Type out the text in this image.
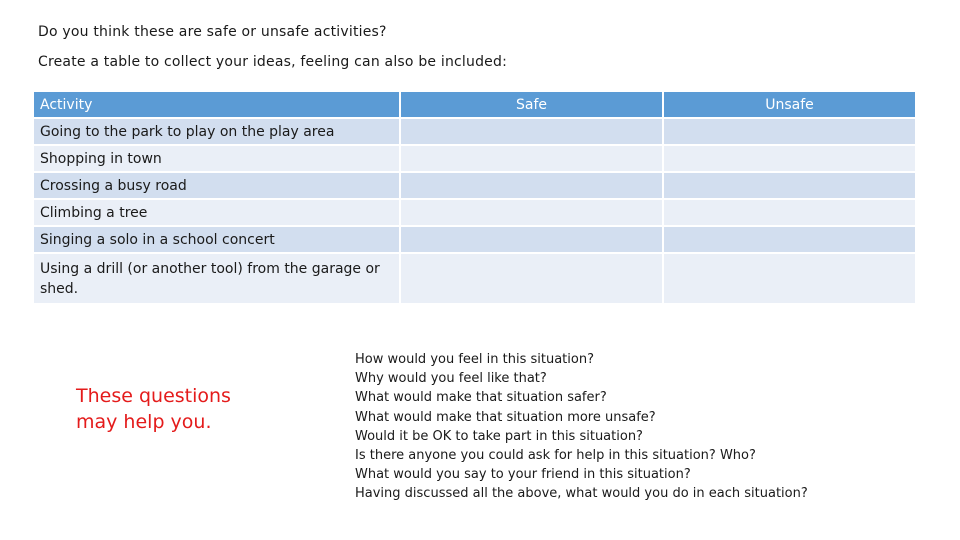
Do you think these are safe or unsafe activities?
Create a table to collect your ideas, feeling can also be included:
Activity	Safe	Unsafe
Going to the park to play on the play area		
Shopping in town		
Crossing a busy road		
Climbing a tree		
Singing a solo in a school concert		
Using a drill (or another tool) from the garage or shed.		
These questions may help you.
How would you feel in this situation?
Why would you feel like that?
What would make that situation safer?
What would make that situation more unsafe?
Would it be OK to take part in this situation?
Is there anyone you could ask for help in this situation? Who?
What would you say to your friend in this situation?
Having discussed all the above, what would you do in each situation?
